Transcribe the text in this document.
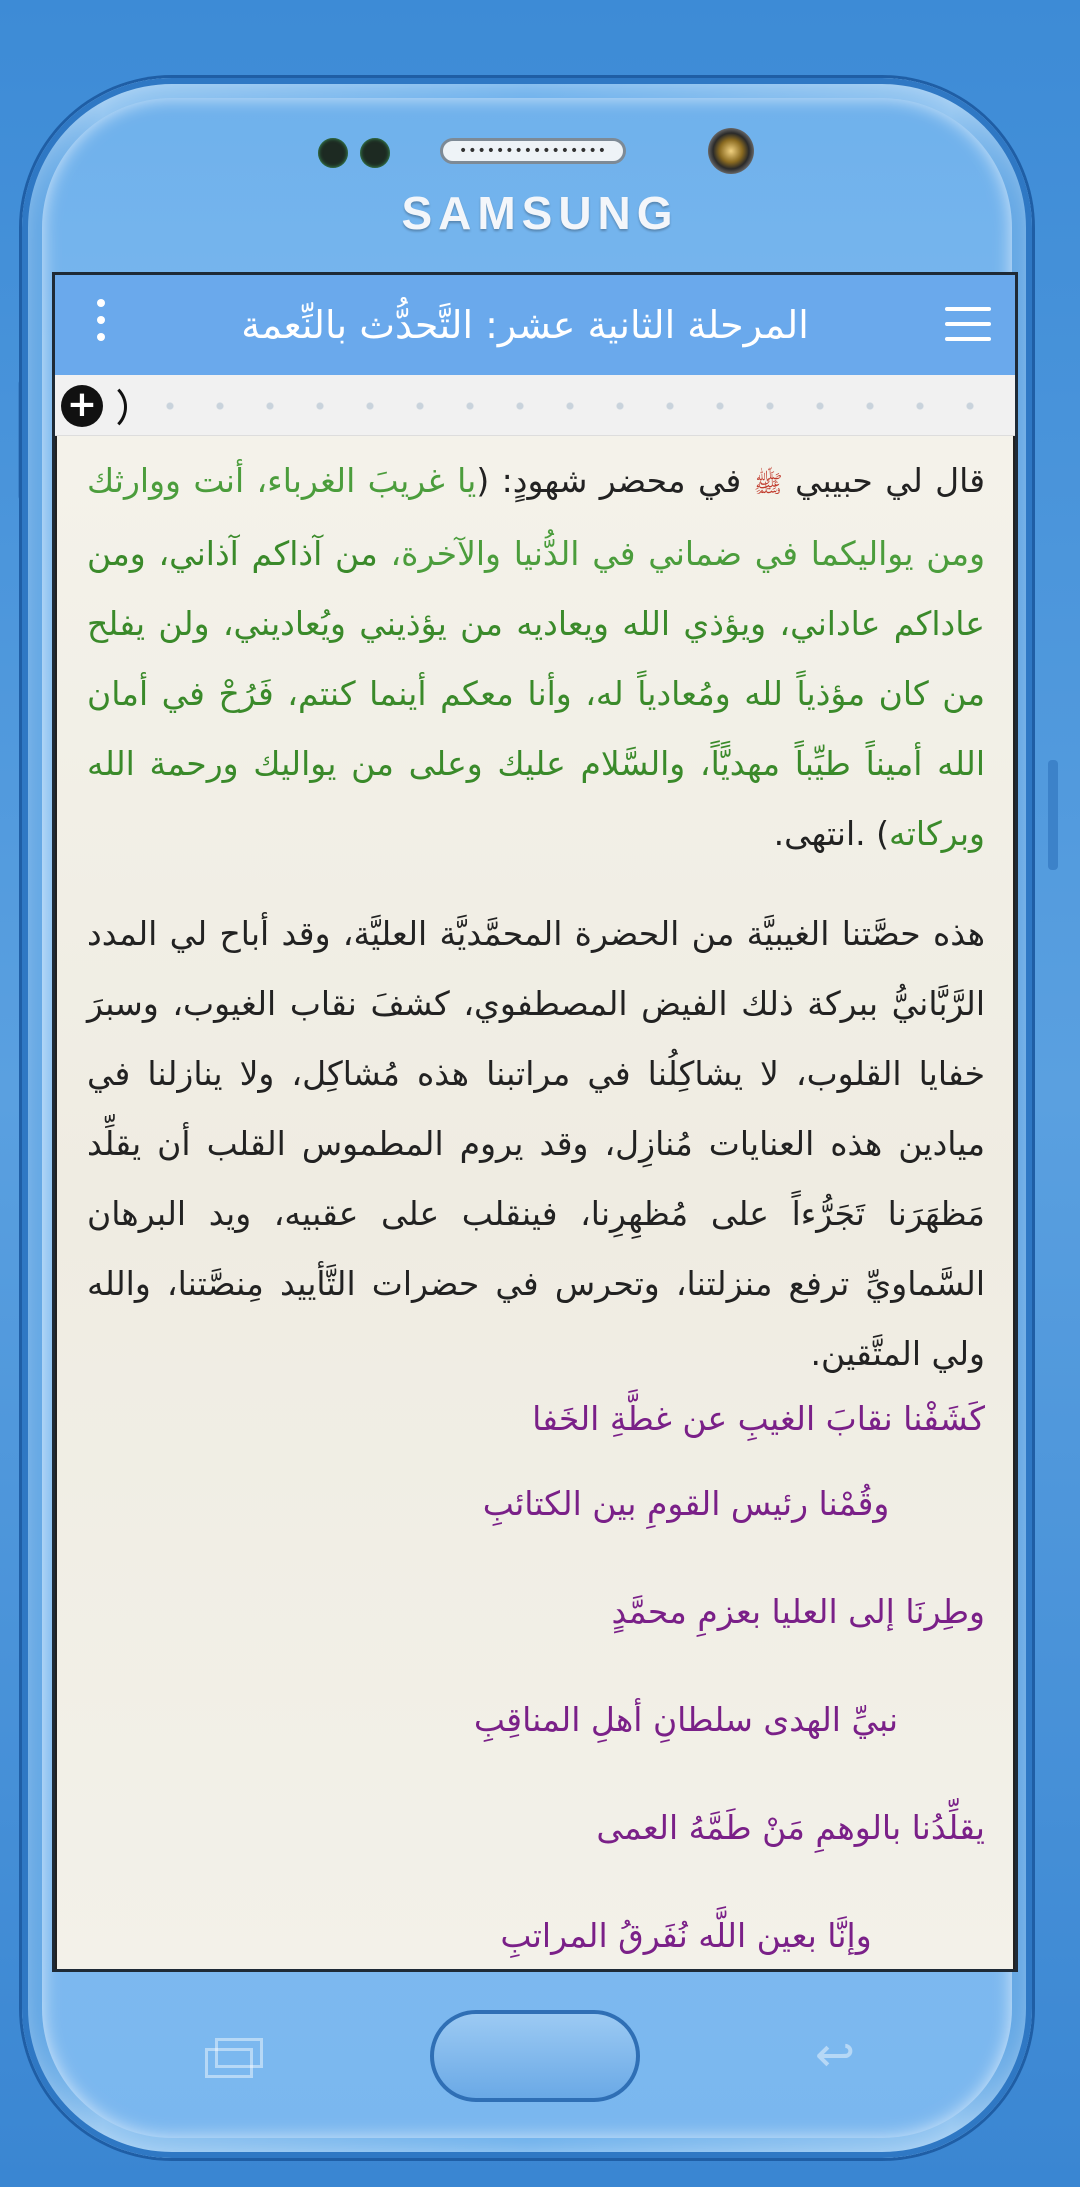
••••••••••••••••
SAMSUNG
المرحلة الثانية عشر: التَّحدُّث بالنِّعمة
+

قال لي حبيبي ﷺ في محضر شهودٍ: (يا غريبَ الغرباء، أنت ووارثك ومن يواليكما في ضماني في الدُّنيا والآخرة، من آذاكم آذاني، ومن عاداكم عاداني، ويؤذي الله ويعاديه من يؤذيني ويُعاديني، ولن يفلح من كان مؤذياً لله ومُعادياً له، وأنا معكم أينما كنتم، فَرُحْ في أمان الله أميناً طيِّباً مهديًّاً، والسَّلام عليك وعلى من يواليك ورحمة الله وبركاته) .انتهى.

هذه حصَّتنا الغيبيَّة من الحضرة المحمَّديَّة العليَّة، وقد أباح لي المدد الرَّبَّانيُّ ببركة ذلك الفيض المصطفوي، كشفَ نقاب الغيوب، وسبرَ خفايا القلوب، لا يشاكِلُنا في مراتبنا هذه مُشاكِل، ولا ينازلنا في ميادين هذه العنايات مُنازِل، وقد يروم المطموس القلب أن يقلِّد مَظهَرَنا تَجَرُّءاً على مُظهِرِنا، فينقلب على عقبيه، ويد البرهان السَّماويِّ ترفع منزلتنا، وتحرس في حضرات التَّأييد مِنصَّتنا، والله ولي المتَّقين.

كَشَفْنا نقابَ الغيبِ عن غطَّةِ الخَفا

وقُمْنا رئيس القومِ بين الكتائبِ

وطِرنَا إلى العليا بعزمِ محمَّدٍ

نبيِّ الهدى سلطانِ أهلِ المناقِبِ

يقلِّدُنا بالوهمِ مَنْ طَمَّهُ العمى

وإنَّا بعين اللَّه نُفَرقُ المراتبِ

↩
